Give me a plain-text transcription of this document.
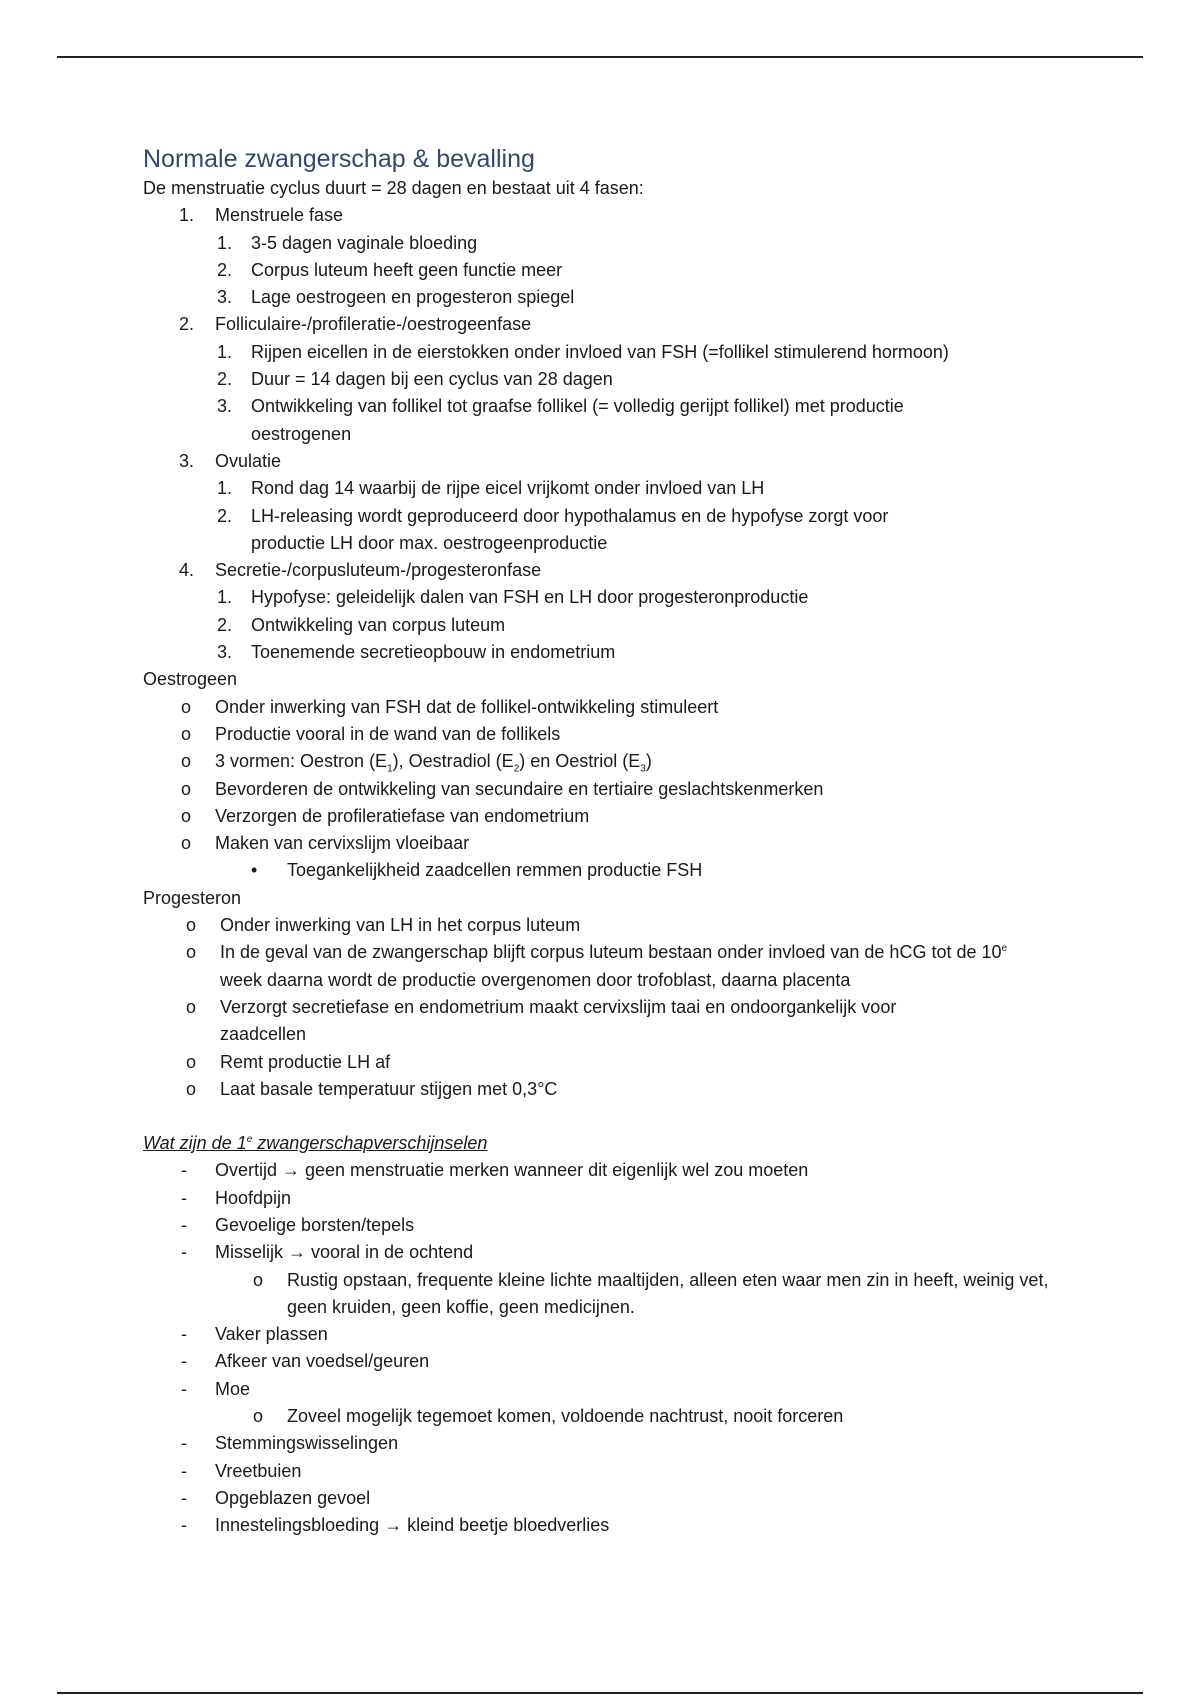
Normale zwangerschap & bevalling
De menstruatie cyclus duurt = 28 dagen en bestaat uit 4 fasen:
1. Menstruele fase
1. 3-5 dagen vaginale bloeding
2. Corpus luteum heeft geen functie meer
3. Lage oestrogeen en progesteron spiegel
2. Folliculaire-/profileratie-/oestrogeenfase
1. Rijpen eicellen in de eierstokken onder invloed van FSH (=follikel stimulerend hormoon)
2. Duur = 14 dagen bij een cyclus van 28 dagen
3. Ontwikkeling van follikel tot graafse follikel (= volledig gerijpt follikel) met productie oestrogenen
3. Ovulatie
1. Rond dag 14 waarbij de rijpe eicel vrijkomt onder invloed van LH
2. LH-releasing wordt geproduceerd door hypothalamus en de hypofyse zorgt voor productie LH door max. oestrogeenproductie
4. Secretie-/corpusluteum-/progesteronfase
1. Hypofyse: geleidelijk dalen van FSH en LH door progesteronproductie
2. Ontwikkeling van corpus luteum
3. Toenemende secretieopbouw in endometrium
Oestrogeen
o Onder inwerking van FSH dat de follikel-ontwikkeling stimuleert
o Productie vooral in de wand van de follikels
o 3 vormen: Oestron $(E_1)$, Oestradiol $(E_2)$ en Oestriol $(E_3)$
o Bevorderen de ontwikkeling van secundaire en tertiaire geslachtskenmerken
o Verzorgen de profileratiefase van endometrium
o Maken van cervixslijm vloeibaar
• Toegankelijkheid zaadcellen remmen productie FSH
Progesteron
o Onder inwerking van LH in het corpus luteum
o In de geval van de zwangerschap blijft corpus luteum bestaan onder invloed van de hCG tot de 10e week daarna wordt de productie overgenomen door trofoblast, daarna placenta
o Verzorgt secretiefase en endometrium maakt cervixslijm taai en ondoorgankelijk voor zaadcellen
o Remt productie LH af
o Laat basale temperatuur stijgen met 0,3°C
Wat zijn de 1e zwangerschapverschijnselen
- Overtijd → geen menstruatie merken wanneer dit eigenlijk wel zou moeten
- Hoofdpijn
- Gevoelige borsten/tepels
- Misselijk → vooral in de ochtend
o Rustig opstaan, frequente kleine lichte maaltijden, alleen eten waar men zin in heeft, weinig vet, geen kruiden, geen koffie, geen medicijnen.
- Vaker plassen
- Afkeer van voedsel/geuren
- Moe
o Zoveel mogelijk tegemoet komen, voldoende nachtrust, nooit forceren
- Stemmingswisselingen
- Vreetbuien
- Opgeblazen gevoel
- Innestelingsbloeding → kleind beetje bloedverlies
